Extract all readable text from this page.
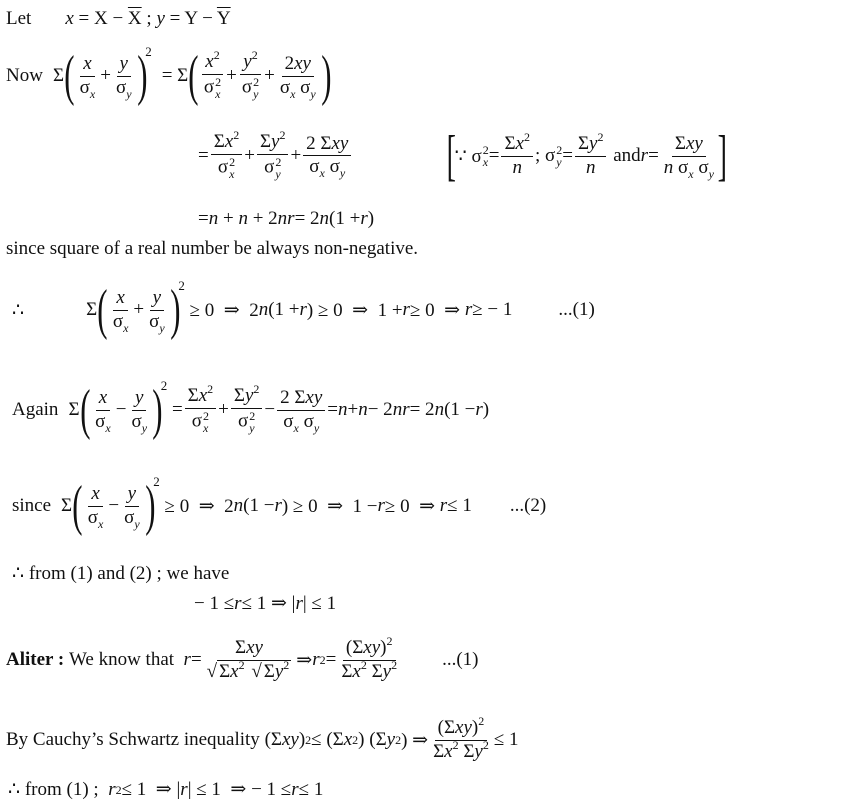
Let $x = X - \overline{X}$ ; $y = Y - \overline{Y}$
Now Σ ( $\frac{x}{\sigma_x} + \frac{y}{\sigma_y}$ )
2
= Σ ( $x^2$
σ 2
$x + y^2$
σ 2
$y + \frac{2xy}{\sigma_x \sigma_y}$ )
= $\Sigma x^2$
σ 2
$x + \Sigma y^2$
σ 2
$y + \frac{\text{2 Σxy}}{\sigma_x \sigma_y}$ [
∵ σ 2
$x = \frac{\Sigma x^2}{n}$ ; σ 2
$y = \frac{\Sigma y^2}{n}$ and $r = \frac{\text{Σxy}}{n \sigma_x \sigma_y}$ ]
= n + n + 2 nr = 2 n (1 + r )
since square of a real number be always non-negative.
∴	Σ ( $\frac{x}{\sigma_x} + \frac{y}{\sigma_y}$ )
2
≥ 0  ⇒  2 n (1 + r ) ≥ 0  ⇒  1 + r ≥ 0  ⇒ r ≥ − 1 ...(1)
Again Σ ( $\frac{x}{\sigma_x} - \frac{y}{\sigma_y}$ )
2
= $\Sigma x^2$
σ 2
$x + \Sigma y^2$
σ 2
$y - \frac{\text{2 Σxy}}{\sigma_x \sigma_y} = n + n - 2$ nr = 2 n (1 − r )
since Σ ( $\frac{x}{\sigma_x} - \frac{y}{\sigma_y}$ )
2
≥ 0  ⇒  2 n (1 − r ) ≥ 0  ⇒  1 − r ≥ 0  ⇒ r ≤ 1 ...(2)
∴ from (1) and (2) ; we have
− 1 ≤ r ≤ 1 ⇒ | r | ≤ 1
Aliter :
We know that
$r = \frac{\text{Σxy}}{√ \Sigma x^2 √ \Sigma y^2}$ ⇒ r $2 = \frac{(\Sigma xy)^2}{\Sigma x^2 \Sigma y^2} ...(1)$
By Cauchy’s Schwartz inequality (Σ xy ) 2 ≤ (Σ x 2 ) (Σ y 2 ) ⇒ $\frac{(\Sigma xy)^2}{\Sigma x^2 \Sigma y^2} \le 1$
∴ from (1) ;
r 2 ≤ 1  ⇒ | r | ≤ 1  ⇒ − 1 ≤ r ≤ 1
